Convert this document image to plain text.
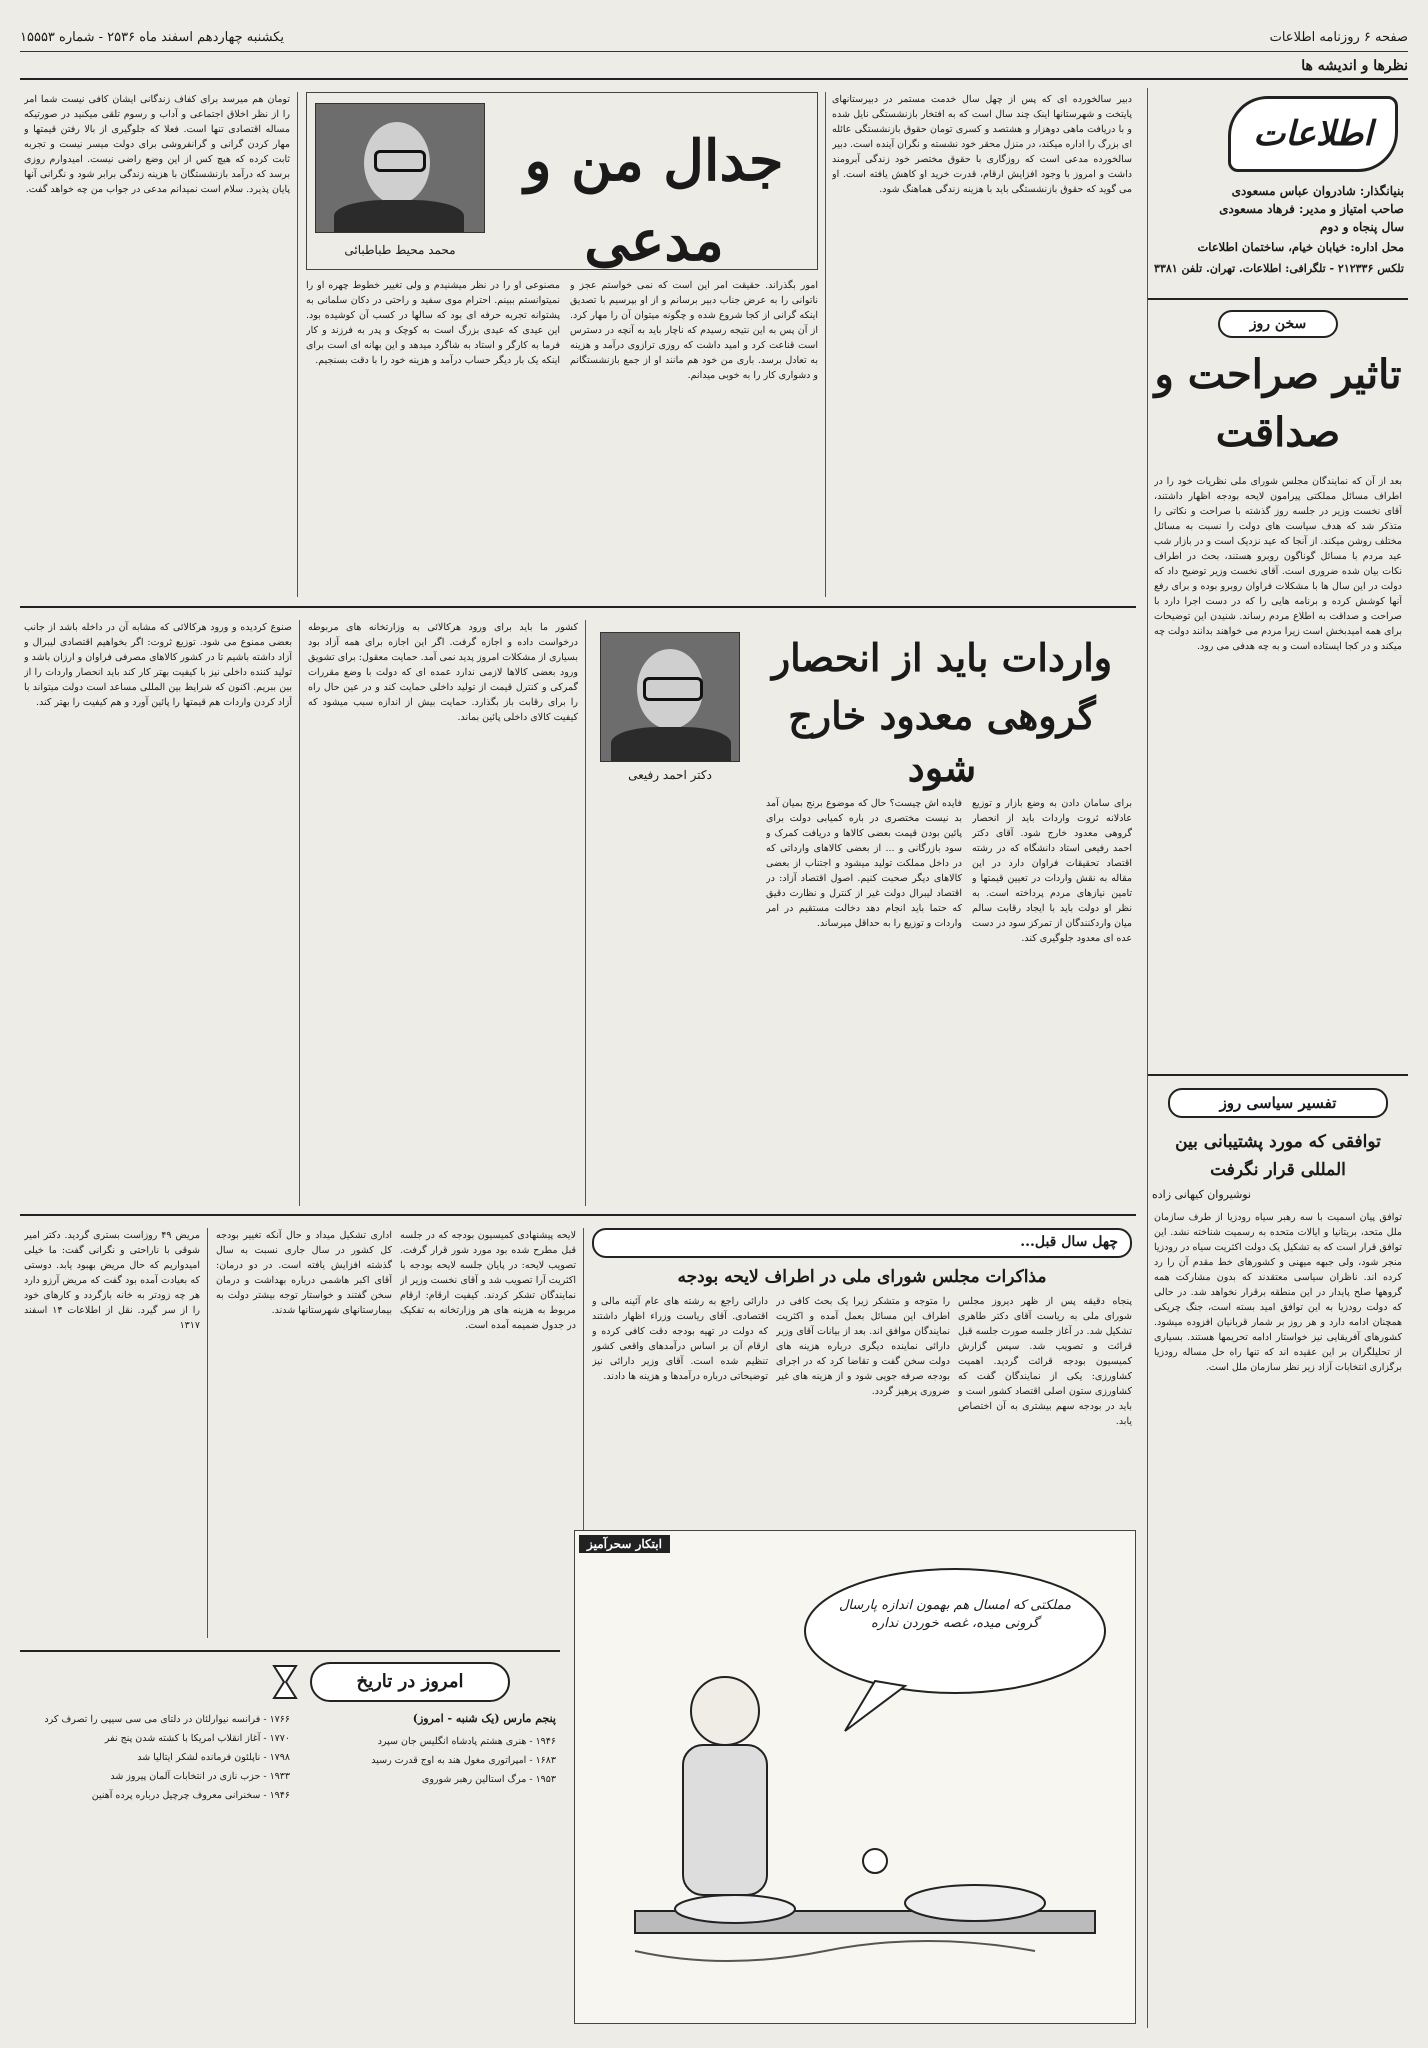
صفحه ۶ روزنامه اطلاعات
یکشنبه چهاردهم اسفند ماه ۲۵۳۶ - شماره ۱۵۵۵۳
نظرها و اندیشه ها
اطلاعات
بنیانگذار: شادروان عباس مسعودی
صاحب امتیاز و مدیر: فرهاد مسعودی
سال پنجاه و دوم
محل اداره: خیابان خیام، ساختمان اطلاعات
تلکس ۲۱۲۳۳۶ - تلگرافی: اطلاعات. تهران. تلفن ۳۳۸۱
سخن روز
تاثیر صراحت و صداقت
بعد از آن که نمایندگان مجلس شورای ملی نظریات خود را در اطراف مسائل مملکتی پیرامون لایحه بودجه اظهار داشتند، آقای نخست وزیر در جلسه روز گذشته با صراحت و نکاتی را متذکر شد که هدف سیاست های دولت را نسبت به مسائل مختلف روشن میکند. از آنجا که عید نزدیک است و در بازار شب عید مردم با مسائل گوناگون روبرو هستند، بحث در اطراف نکات بیان شده ضروری است. آقای نخست وزیر توضیح داد که دولت در این سال ها با مشکلات فراوان روبرو بوده و برای رفع آنها کوشش کرده و برنامه هایی را که در دست اجرا دارد با صراحت و صداقت به اطلاع مردم رساند. شنیدن این توضیحات برای همه امیدبخش است زیرا مردم می خواهند بدانند دولت چه میکند و در کجا ایستاده است و به چه هدفی می رود.
تفسیر سیاسی روز
توافقی که مورد پشتیبانی بین المللی قرار نگرفت
نوشیروان کیهانی زاده
توافق پیان اسمیت با سه رهبر سیاه رودزیا از طرف سازمان ملل متحد، بریتانیا و ایالات متحده به رسمیت شناخته نشد. این توافق قرار است که به تشکیل یک دولت اکثریت سیاه در رودزیا منجر شود، ولی جبهه میهنی و کشورهای خط مقدم آن را رد کرده اند. ناظران سیاسی معتقدند که بدون مشارکت همه گروهها صلح پایدار در این منطقه برقرار نخواهد شد. در حالی که دولت رودزیا به این توافق امید بسته است، جنگ چریکی همچنان ادامه دارد و هر روز بر شمار قربانیان افزوده میشود. کشورهای آفریقایی نیز خواستار ادامه تحریمها هستند. بسیاری از تحلیلگران بر این عقیده اند که تنها راه حل مساله رودزیا برگزاری انتخابات آزاد زیر نظر سازمان ملل است.
دبیر سالخورده ای که پس از چهل سال خدمت مستمر در دبیرستانهای پایتخت و شهرستانها اینک چند سال است که به افتخار بازنشستگی نایل شده و با دریافت ماهی دوهزار و هشتصد و کسری تومان حقوق بازنشستگی عائله ای بزرگ را اداره میکند، در منزل محقر خود نشسته و نگران آینده است. دبیر سالخورده مدعی است که روزگاری با حقوق مختصر خود زندگی آبرومند داشت و امروز با وجود افزایش ارقام، قدرت خرید او کاهش یافته است. او می گوید که حقوق بازنشستگی باید با هزینه زندگی هماهنگ شود.
جدال من و مدعی
محمد محیط طباطبائی
امور بگذراند. حقیقت امر این است که نمی خواستم عجز و ناتوانی را به عرض جناب دبیر برسانم و از او بپرسیم با تصدیق اینکه گرانی از کجا شروع شده و چگونه میتوان آن را مهار کرد. از آن پس به این نتیجه رسیدم که ناچار باید به آنچه در دسترس است قناعت کرد و امید داشت که روزی ترازوی درآمد و هزینه به تعادل برسد. باری من خود هم مانند او از جمع بازنشستگانم و دشواری کار را به خوبی میدانم.
مصنوعی او را در نظر میشنیدم و ولی تغییر خطوط چهره او را نمیتوانستم ببینم. احترام موی سفید و راحتی در دکان سلمانی به پشتوانه تجربه حرفه ای بود که سالها در کسب آن کوشیده بود. این عیدی که عیدی بزرگ است به کوچک و پدر به فرزند و کار فرما به کارگر و استاد به شاگرد میدهد و این بهانه ای است برای اینکه یک بار دیگر حساب درآمد و هزینه خود را با دقت بسنجیم.
تومان هم میرسد برای کفاف زندگانی ایشان کافی نیست شما امر را از نظر اخلاق اجتماعی و آداب و رسوم تلقی میکنید در صورتیکه مساله اقتصادی تنها است. فعلا که جلوگیری از بالا رفتن قیمتها و مهار کردن گرانی و گرانفروشی برای دولت میسر نیست و تجربه ثابت کرده که هیچ کس از این وضع راضی نیست. امیدوارم روزی برسد که درآمد بازنشستگان با هزینه زندگی برابر شود و نگرانی آنها پایان پذیرد. سلام است نمیدانم مدعی در جواب من چه خواهد گفت.
واردات باید از انحصار
گروهی معدود خارج شود
دکتر احمد رفیعی
برای سامان دادن به وضع بازار و توزیع عادلانه ثروت واردات باید از انحصار گروهی معدود خارج شود. آقای دکتر احمد رفیعی استاد دانشگاه که در رشته اقتصاد تحقیقات فراوان دارد در این مقاله به نقش واردات در تعیین قیمتها و تامین نیازهای مردم پرداخته است. به نظر او دولت باید با ایجاد رقابت سالم میان واردکنندگان از تمرکز سود در دست عده ای معدود جلوگیری کند.
فایده اش چیست؟ حال که موضوع برنج بمیان آمد بد نیست مختصری در باره کمیابی دولت برای پائین بودن قیمت بعضی کالاها و دریافت کمرک و سود بازرگانی و ... از بعضی کالاهای وارداتی که در داخل مملکت تولید میشود و اجتناب از بعضی کالاهای دیگر صحبت کنیم. اصول اقتصاد آزاد: در اقتصاد لیبرال دولت غیر از کنترل و نظارت دقیق که حتما باید انجام دهد دخالت مستقیم در امر واردات و توزیع را به حداقل میرساند.
کشور ما باید برای ورود هرکالائی به وزارتخانه های مربوطه درخواست داده و اجازه گرفت. اگر این اجازه برای همه آزاد بود بسیاری از مشکلات امروز پدید نمی آمد. حمایت معقول: برای تشویق ورود بعضی کالاها لازمی ندارد عمده ای که دولت با وضع مقررات گمرکی و کنترل قیمت از تولید داخلی حمایت کند و در عین حال راه را برای رقابت باز بگذارد. حمایت بیش از اندازه سبب میشود که کیفیت کالای داخلی پائین بماند.
صنوع کردیده و ورود هرکالائی که مشابه آن در داخله باشد از جانب بعضی ممنوع می شود. توزیع ثروت: اگر بخواهیم اقتصادی لیبرال و آزاد داشته باشیم تا در کشور کالاهای مصرفی فراوان و ارزان باشد و تولید کننده داخلی نیز با کیفیت بهتر کار کند باید انحصار واردات را از بین ببریم. اکنون که شرایط بین المللی مساعد است دولت میتواند با آزاد کردن واردات هم قیمتها را پائین آورد و هم کیفیت را بهتر کند.
چهل سال قبل...
مذاکرات مجلس شورای ملی در اطراف لایحه بودجه
پنجاه دقیقه پس از ظهر دیروز مجلس شورای ملی به ریاست آقای دکتر طاهری تشکیل شد. در آغاز جلسه صورت جلسه قبل قرائت و تصویب شد. سپس گزارش کمیسیون بودجه قرائت گردید. اهمیت کشاورزی: یکی از نمایندگان گفت که کشاورزی ستون اصلی اقتصاد کشور است و باید در بودجه سهم بیشتری به آن اختصاص یابد.
را متوجه و متشکر زیرا یک بحث کافی در اطراف این مسائل بعمل آمده و اکثریت نمایندگان موافق اند. بعد از بیانات آقای وزیر دارائی نماینده دیگری درباره هزینه های دولت سخن گفت و تقاضا کرد که در اجرای بودجه صرفه جویی شود و از هزینه های غیر ضروری پرهیز گردد.
دارائی راجع به رشته های عام آئینه مالی و اقتصادی. آقای ریاست وزراء اظهار داشتند که دولت در تهیه بودجه دقت کافی کرده و ارقام آن بر اساس درآمدهای واقعی کشور تنظیم شده است. آقای وزیر دارائی نیز توضیحاتی درباره درآمدها و هزینه ها دادند.
لایحه پیشنهادی کمیسیون بودجه که در جلسه قبل مطرح شده بود مورد شور قرار گرفت. تصویب لایحه: در پایان جلسه لایحه بودجه با اکثریت آرا تصویب شد و آقای نخست وزیر از نمایندگان تشکر کردند. کیفیت ارقام: ارقام مربوط به هزینه های هر وزارتخانه به تفکیک در جدول ضمیمه آمده است.
اداری تشکیل میداد و حال آنکه تغییر بودجه کل کشور در سال جاری نسبت به سال گذشته افزایش یافته است. در دو درمان: آقای اکبر هاشمی درباره بهداشت و درمان سخن گفتند و خواستار توجه بیشتر دولت به بیمارستانهای شهرستانها شدند.
مریض ۴۹ روزاست بستری گردید. دکتر امیر شوقی با ناراحتی و نگرانی گفت: ما خیلی امیدواریم که حال مریض بهبود یابد. دوستی که بعیادت آمده بود گفت که مریض آرزو دارد هر چه زودتر به خانه بازگردد و کارهای خود را از سر گیرد. نقل از اطلاعات ۱۴ اسفند ۱۳۱۷
ابتکار سحرآمیز
مملکتی که امسال هم بهمون اندازه پارسال گرونی میده، غصه خوردن نداره
امروز در تاریخ
پنجم مارس (یک شنبه - امروز)

۱۹۴۶ - هنری هشتم پادشاه انگلیس جان سپرد

۱۶۸۳ - امپراتوری مغول هند به اوج قدرت رسید

۱۹۵۳ - مرگ استالین رهبر شوروی

۱۷۶۶ - فرانسه نیوارلئان در دلتای می سی سیپی را تصرف کرد

۱۷۷۰ - آغاز انقلاب امریکا با کشته شدن پنج نفر

۱۷۹۸ - ناپلئون فرمانده لشکر ایتالیا شد

۱۹۳۳ - حزب نازی در انتخابات آلمان پیروز شد

۱۹۴۶ - سخنرانی معروف چرچیل درباره پرده آهنین
